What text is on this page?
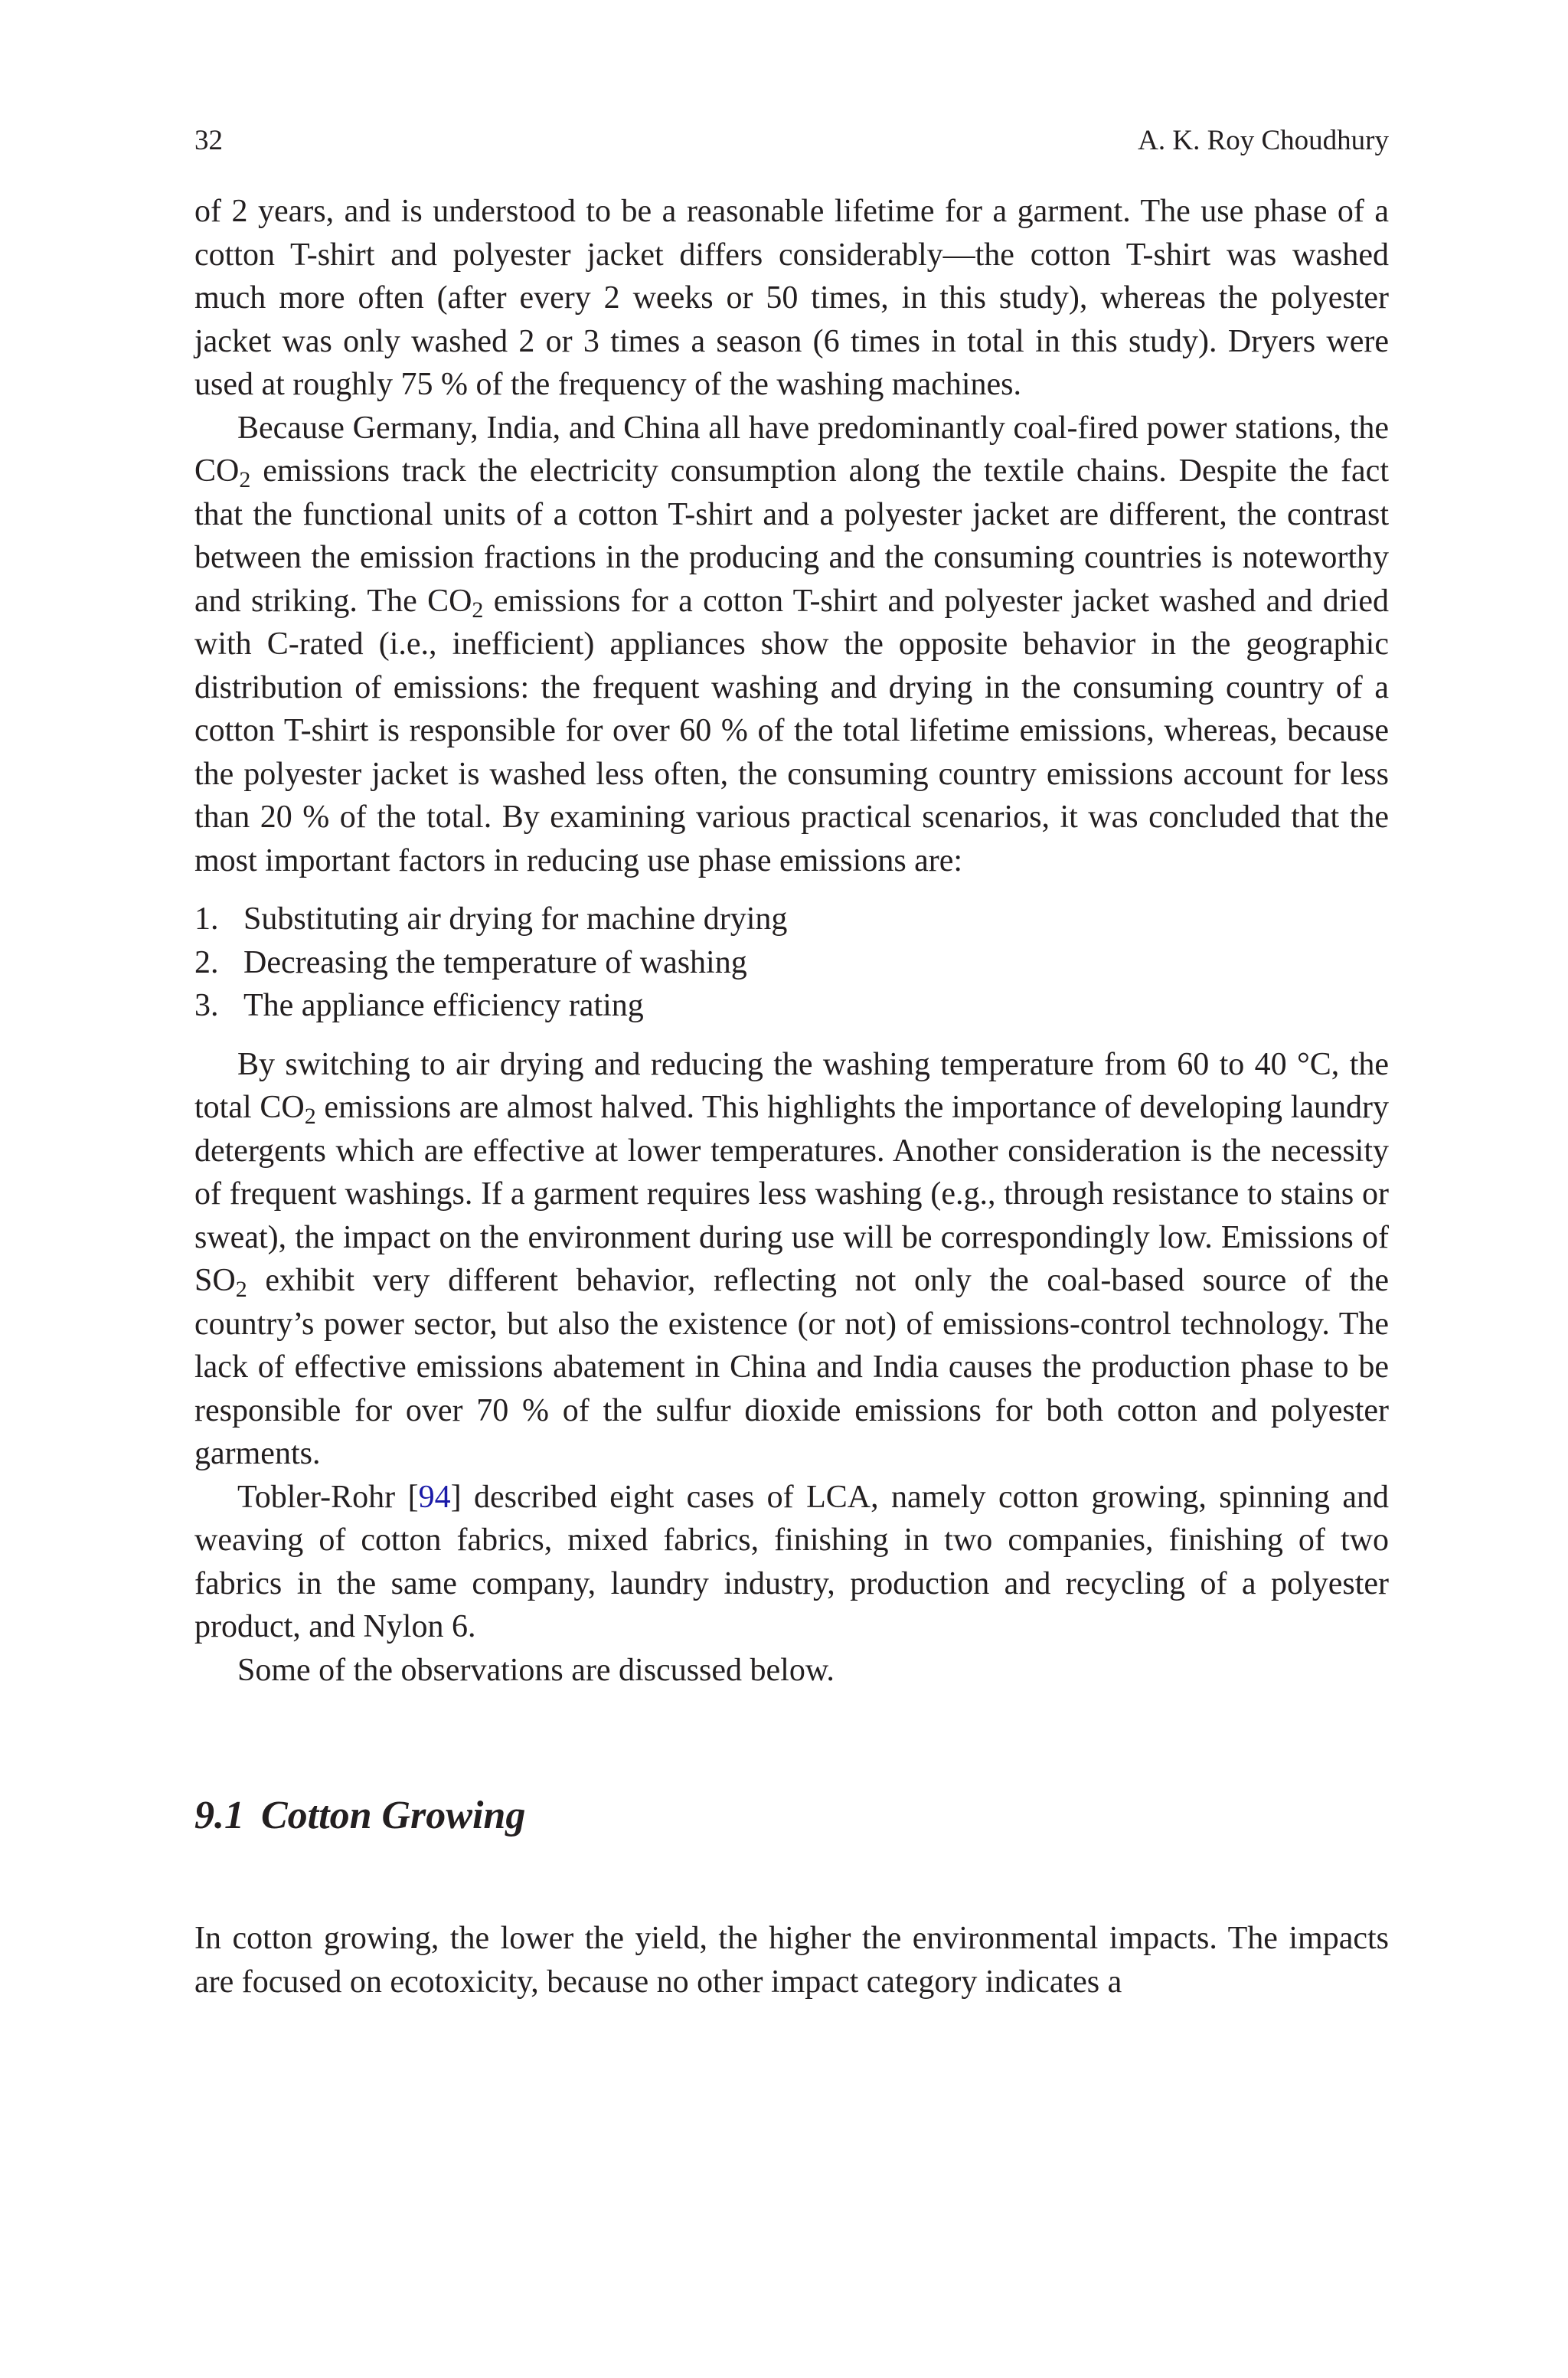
32	A. K. Roy Choudhury

of 2 years, and is understood to be a reasonable lifetime for a garment. The use phase of a cotton T-shirt and polyester jacket differs considerably—the cotton T-shirt was washed much more often (after every 2 weeks or 50 times, in this study), whereas the polyester jacket was only washed 2 or 3 times a season (6 times in total in this study). Dryers were used at roughly 75 % of the frequency of the washing machines.

Because Germany, India, and China all have predominantly coal-fired power stations, the $CO_2$ emissions track the electricity consumption along the textile chains. Despite the fact that the functional units of a cotton T-shirt and a polyester jacket are different, the contrast between the emission fractions in the producing and the consuming countries is noteworthy and striking. The $CO_2$ emissions for a cotton T-shirt and polyester jacket washed and dried with C-rated (i.e., inefficient) appliances show the opposite behavior in the geographic distribution of emissions: the frequent washing and drying in the consuming country of a cotton T-shirt is responsible for over 60 % of the total lifetime emissions, whereas, because the polyester jacket is washed less often, the consuming country emissions account for less than 20 % of the total. By examining various practical scenarios, it was concluded that the most important factors in reducing use phase emissions are:

1. Substituting air drying for machine drying
2. Decreasing the temperature of washing
3. The appliance efficiency rating

By switching to air drying and reducing the washing temperature from 60 to 40 °C, the total $CO_2$ emissions are almost halved. This highlights the importance of developing laundry detergents which are effective at lower temperatures. Another consideration is the necessity of frequent washings. If a garment requires less washing (e.g., through resistance to stains or sweat), the impact on the environment during use will be correspondingly low. Emissions of $SO_2$ exhibit very different behavior, reflecting not only the coal-based source of the country’s power sector, but also the existence (or not) of emissions-control technology. The lack of effective emissions abatement in China and India causes the production phase to be responsible for over 70 % of the sulfur dioxide emissions for both cotton and polyester garments.

Tobler-Rohr [94] described eight cases of LCA, namely cotton growing, spinning and weaving of cotton fabrics, mixed fabrics, finishing in two companies, finishing of two fabrics in the same company, laundry industry, production and recycling of a polyester product, and Nylon 6.

Some of the observations are discussed below.

9.1 Cotton Growing

In cotton growing, the lower the yield, the higher the environmental impacts. The impacts are focused on ecotoxicity, because no other impact category indicates a
